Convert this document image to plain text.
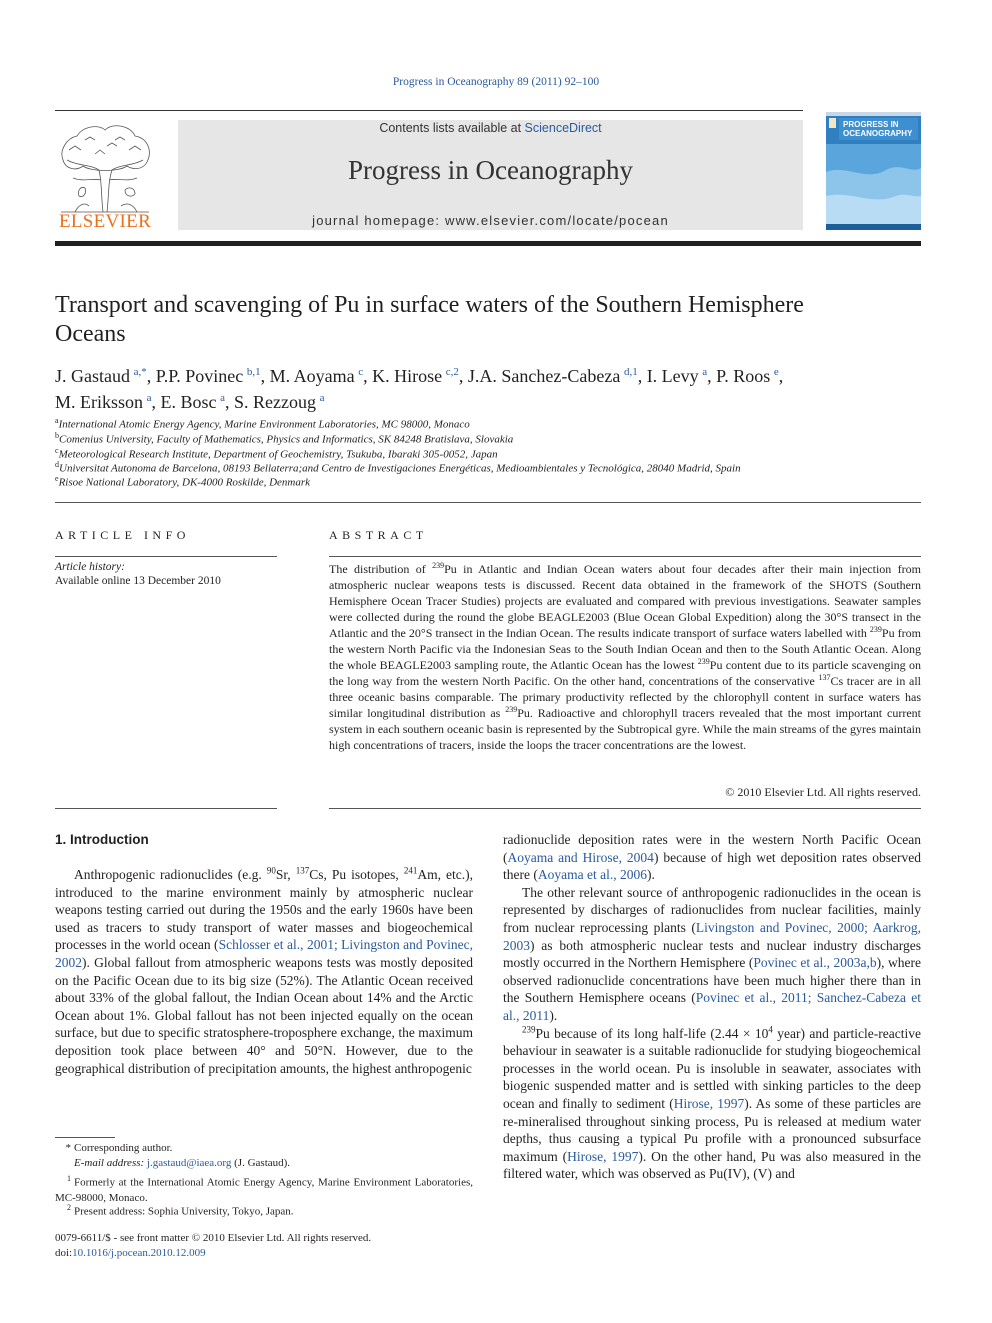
Progress in Oceanography 89 (2011) 92–100
ELSEVIER
Contents lists available at ScienceDirect
Progress in Oceanography
journal homepage: www.elsevier.com/locate/pocean
PROGRESS IN
OCEANOGRAPHY
Transport and scavenging of Pu in surface waters of the Southern Hemisphere Oceans
J. Gastaud  $^{a,*}$, P.P. Povinec  $^{b,1}$, M. Aoyama  $^c$, K. Hirose  $^{c,2}$, J.A. Sanchez-Cabeza  $^{d,1}$, I. Levy  $^a$, P. Roos  $^e$,
M. Eriksson  $^a$, E. Bosc  $^a$, S. Rezzoug  $^a$
$^a$International Atomic Energy Agency, Marine Environment Laboratories, MC 98000, Monaco
$^b$Comenius University, Faculty of Mathematics, Physics and Informatics, SK 84248 Bratislava, Slovakia
$^c$Meteorological Research Institute, Department of Geochemistry, Tsukuba, Ibaraki 305-0052, Japan
$^d$Universitat Autonoma de Barcelona, 08193 Bellaterra;and Centro de Investigaciones Energéticas, Medioambientales y Tecnológica, 28040 Madrid, Spain
$^e$Risoe National Laboratory, DK-4000 Roskilde, Denmark
ARTICLE INFO
Article history:
Available online 13 December 2010
ABSTRACT
The distribution of $^{239}$Pu in Atlantic and Indian Ocean waters about four decades after their main injection from atmospheric nuclear weapons tests is discussed. Recent data obtained in the framework of the SHOTS (Southern Hemisphere Ocean Tracer Studies) projects are evaluated and compared with previous investigations. Seawater samples were collected during the round the globe BEAGLE2003 (Blue Ocean Global Expedition) along the 30°S transect in the Atlantic and the 20°S transect in the Indian Ocean. The results indicate transport of surface waters labelled with $^{239}$Pu from the western North Pacific via the Indonesian Seas to the South Indian Ocean and then to the South Atlantic Ocean. Along the whole BEAGLE2003 sampling route, the Atlantic Ocean has the lowest $^{239}$Pu content due to its particle scavenging on the long way from the western North Pacific. On the other hand, concentrations of the conservative $^{137}$Cs tracer are in all three oceanic basins comparable. The primary productivity reflected by the chlorophyll content in surface waters has similar longitudinal distribution as $^{239}$Pu. Radioactive and chlorophyll tracers revealed that the most important current system in each southern oceanic basin is represented by the Subtropical gyre. While the main streams of the gyres maintain high concentrations of tracers, inside the loops the tracer concentrations are the lowest.
© 2010 Elsevier Ltd. All rights reserved.
1. Introduction

Anthropogenic radionuclides (e.g. $^{90}$Sr, $^{137}$Cs, Pu isotopes, $^{241}$Am, etc.), introduced to the marine environment mainly by atmospheric nuclear weapons testing carried out during the 1950s and the early 1960s have been used as tracers to study transport of water masses and biogeochemical processes in the world ocean (Schlosser et al., 2001; Livingston and Povinec, 2002). Global fallout from atmospheric weapons tests was mostly deposited on the Pacific Ocean due to its big size (52%). The Atlantic Ocean received about 33% of the global fallout, the Indian Ocean about 14% and the Arctic Ocean about 1%. Global fallout has not been injected equally on the ocean surface, but due to specific stratosphere-troposphere exchange, the maximum deposition took place between 40° and 50°N. However, due to the geographical distribution of precipitation amounts, the highest anthropogenic

radionuclide deposition rates were in the western North Pacific Ocean (Aoyama and Hirose, 2004) because of high wet deposition rates observed there (Aoyama et al., 2006).

The other relevant source of anthropogenic radionuclides in the ocean is represented by discharges of radionuclides from nuclear facilities, mainly from nuclear reprocessing plants (Livingston and Povinec, 2000; Aarkrog, 2003) as both atmospheric nuclear tests and nuclear industry discharges mostly occurred in the Northern Hemisphere (Povinec et al., 2003a,b), where observed radionuclide concentrations have been much higher there than in the Southern Hemisphere oceans (Povinec et al., 2011; Sanchez-Cabeza et al., 2011).

$^{239}$Pu because of its long half-life ($2.44 \times 10^4$ year) and particle-reactive behaviour in seawater is a suitable radionuclide for studying biogeochemical processes in the world ocean. Pu is insoluble in seawater, associates with biogenic suspended matter and is settled with sinking particles to the deep ocean and finally to sediment (Hirose, 1997). As some of these particles are re-mineralised throughout sinking process, Pu is released at medium water depths, thus causing a typical Pu profile with a pronounced subsurface maximum (Hirose, 1997). On the other hand, Pu was also measured in the filtered water, which was observed as Pu(IV), (V) and

* Corresponding author.
E-mail address: j.gastaud@iaea.org (J. Gastaud).
$^1$ Formerly at the International Atomic Energy Agency, Marine Environment Laboratories, MC-98000, Monaco.
$^2$ Present address: Sophia University, Tokyo, Japan.
0079-6611/$ - see front matter © 2010 Elsevier Ltd. All rights reserved.
doi:10.1016/j.pocean.2010.12.009
